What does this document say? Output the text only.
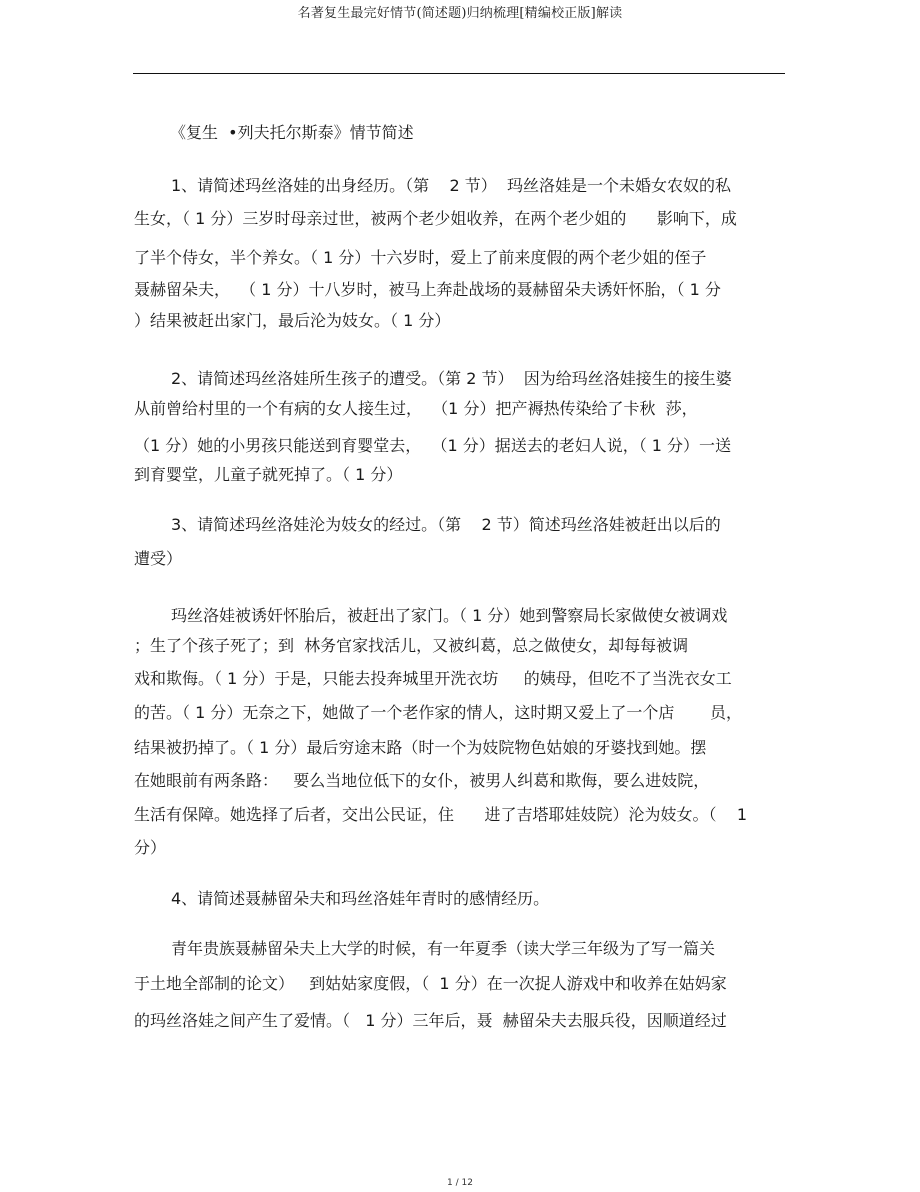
名著复生最完好情节(简述题)归纳梳理[精编校正版]解读
《复生  •列夫托尔斯泰》情节简述
1、请简述玛丝洛娃的出身经历。（第    2 节）  玛丝洛娃是一个未婚女农奴的私
生女，（ 1 分）三岁时母亲过世，被两个老少姐收养，在两个老少姐的      影响下，成
了半个侍女，半个养女。（ 1 分）十六岁时，爱上了前来度假的两个老少姐的侄子
聂赫留朵夫，  （ 1 分）十八岁时，被马上奔赴战场的聂赫留朵夫诱奸怀胎，（ 1 分
）结果被赶出家门，最后沦为妓女。（ 1 分）
2、请简述玛丝洛娃所生孩子的遭受。（第 2 节）  因为给玛丝洛娃接生的接生婆
从前曾给村里的一个有病的女人接生过，  （1 分）把产褥热传染给了卡秋  莎，
（1 分）她的小男孩只能送到育婴堂去，  （1 分）据送去的老妇人说，（ 1 分）一送
到育婴堂，儿童子就死掉了。（ 1 分）
3、请简述玛丝洛娃沦为妓女的经过。（第    2 节）简述玛丝洛娃被赶出以后的
遭受）
玛丝洛娃被诱奸怀胎后，被赶出了家门。（ 1 分）她到警察局长家做使女被调戏
；生了个孩子死了；到  林务官家找活儿，又被纠葛，总之做使女，却每每被调
戏和欺侮。（ 1 分）于是，只能去投奔城里开洗衣坊     的姨母，但吃不了当洗衣女工
的苦。（ 1 分）无奈之下，她做了一个老作家的情人，这时期又爱上了一个店       员，
结果被扔掉了。（ 1 分）最后穷途末路（时一个为妓院物色姑娘的牙婆找到她。摆
在她眼前有两条路：   要么当地位低下的女仆，被男人纠葛和欺侮，要么进妓院，
生活有保障。她选择了后者，交出公民证，住      进了吉塔耶娃妓院）沦为妓女。（    1
分）
4、请简述聂赫留朵夫和玛丝洛娃年青时的感情经历。
青年贵族聂赫留朵夫上大学的时候，有一年夏季（读大学三年级为了写一篇关
于土地全部制的论文）   到姑姑家度假，（  1 分）在一次捉人游戏中和收养在姑妈家
的玛丝洛娃之间产生了爱情。（   1 分）三年后，聂  赫留朵夫去服兵役，因顺道经过
1 / 12
